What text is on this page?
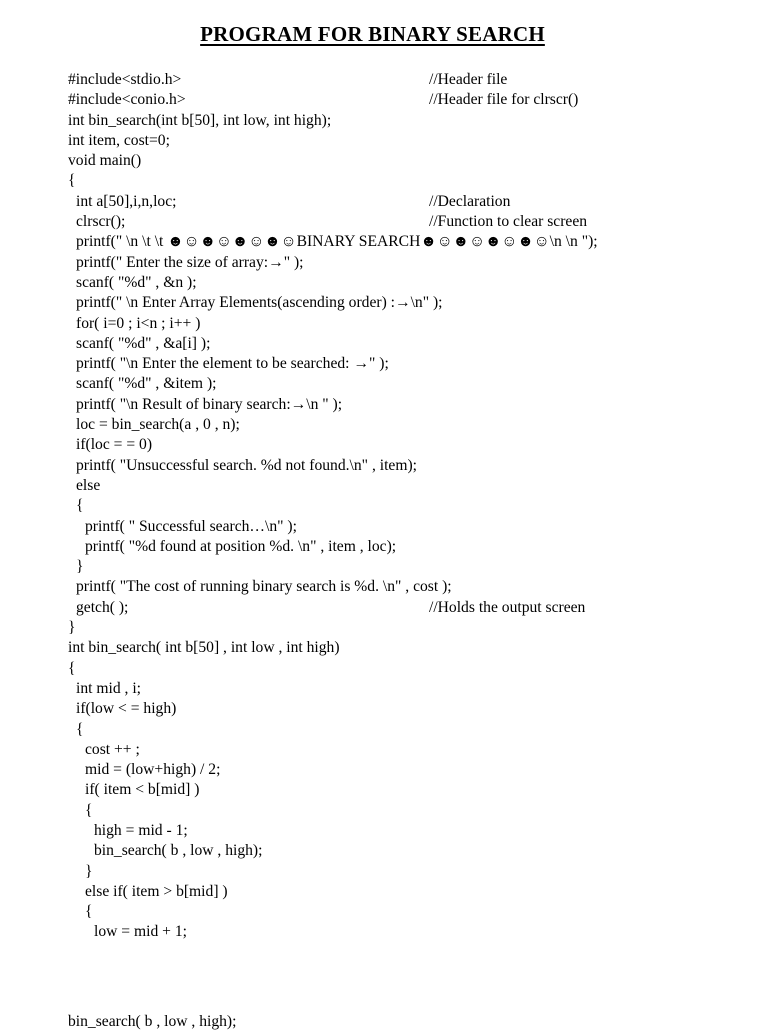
PROGRAM FOR BINARY SEARCH
#include<stdio.h>	//Header file
#include<conio.h>	//Header file for clrscr()
int bin_search(int b[50], int low, int high);
int item, cost=0;
void main()
{
int a[50],i,n,loc;	//Declaration
clrscr();	//Function to clear screen
printf(" \n \t \t ☻☺☻☺☻☺☻☺BINARY SEARCH☻☺☻☺☻☺☻☺\n \n ");
printf(" Enter the size of array:→" );
scanf( "%d" , &n );
printf(" \n Enter Array Elements(ascending order) :→\n" );
for( i=0 ; i<n ; i++ )
scanf( "%d" , &a[i] );
printf( "\n Enter the element to be searched: →" );
scanf( "%d" , &item );
printf( "\n Result of binary search:→\n " );
loc = bin_search(a , 0 , n);
if(loc = = 0)
printf( "Unsuccessful search. %d not found.\n" , item);
else
{
printf( " Successful search…\n" );
printf( "%d found at position %d. \n" , item , loc);
}
printf( "The cost of running binary search is %d. \n" , cost );
getch( );	//Holds the output screen
}
int bin_search( int b[50] , int low , int high)
{
int mid , i;
if(low < = high)
{
cost ++ ;
mid = (low+high) / 2;
if( item < b[mid] )
{
high = mid - 1;
bin_search( b , low , high);
}
else if( item > b[mid] )
{
low = mid + 1;
bin_search( b , low , high);
